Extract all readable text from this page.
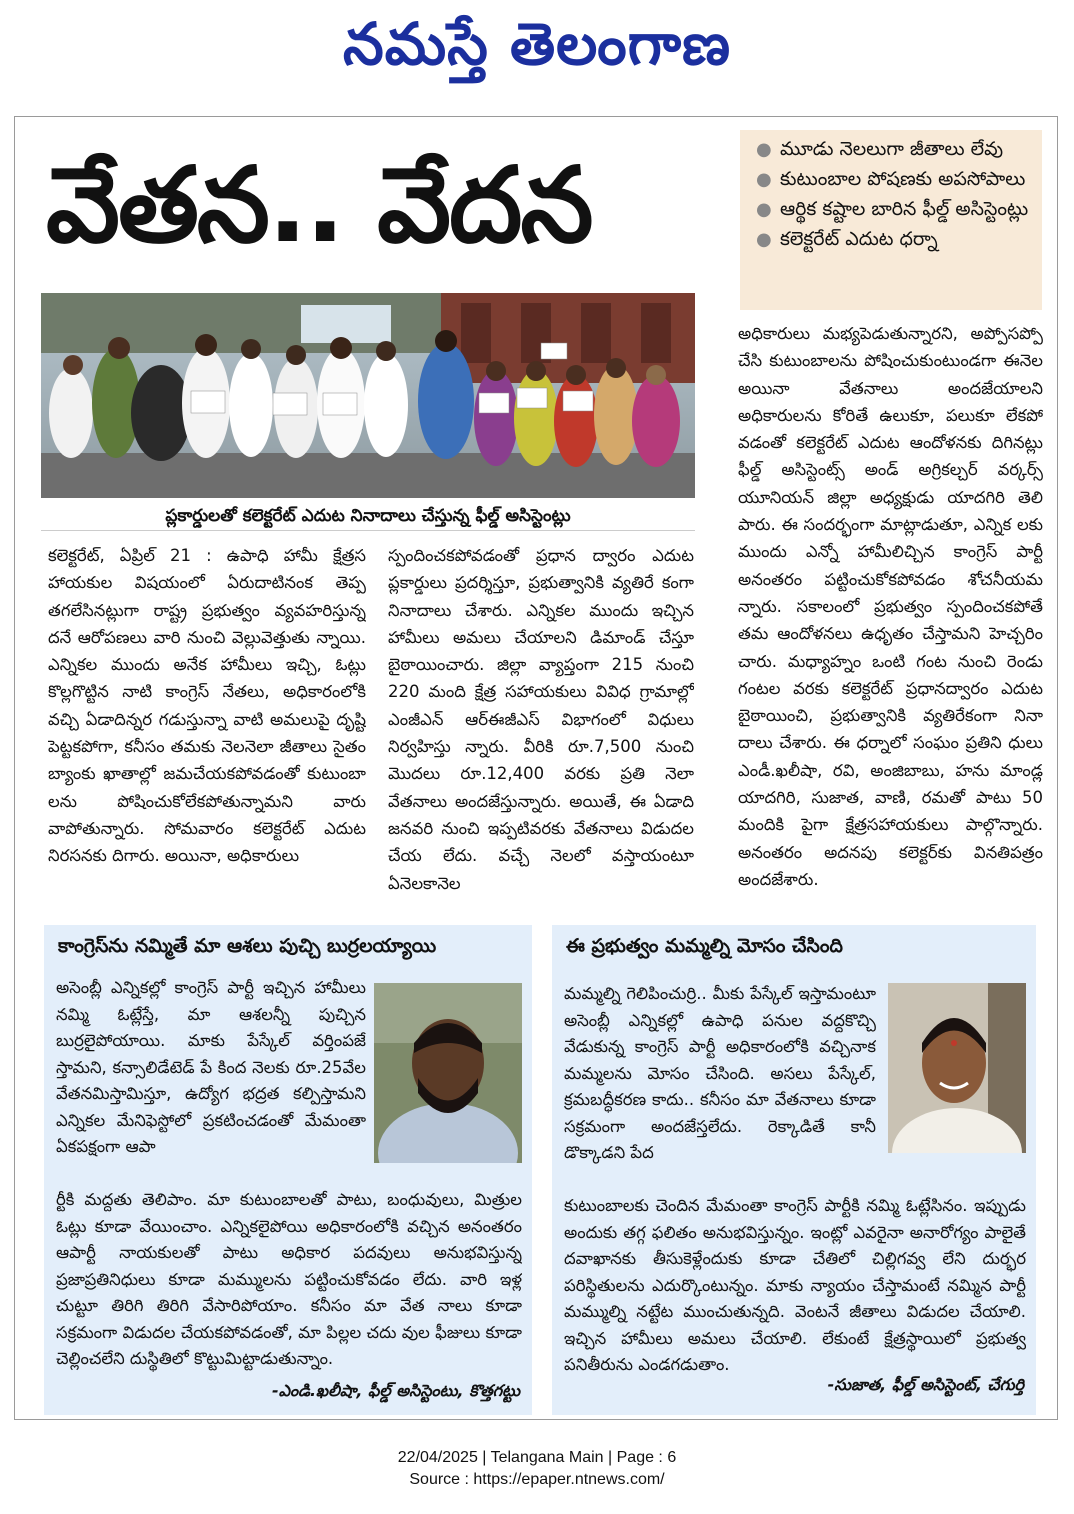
నమస్తే తెలంగాణ
వేతన.. వేదన	● మూడు నెలలుగా జీతాలు లేవు
● కుటుంబాల పోషణకు అపసోపాలు
● ఆర్థిక కష్టాల బారిన ఫీల్డ్ అసిస్టెంట్లు
● కలెక్టరేట్ ఎదుట ధర్నా
ప్లకార్డులతో కలెక్టరేట్ ఎదుట నినాదాలు చేస్తున్న ఫీల్డ్ అసిస్టెంట్లు
కలెక్టరేట్, ఏప్రిల్ 21 : ఉపాధి హామీ క్షేత్రస హాయకుల విషయంలో ఏరుదాటినంక తెప్ప తగలేసినట్లుగా రాష్ట్ర ప్రభుత్వం వ్యవహరిస్తున్న దనే ఆరోపణలు వారి నుంచి వెల్లువెత్తుతు న్నాయి. ఎన్నికల ముందు అనేక హామీలు ఇచ్చి, ఓట్లు కొల్లగొట్టిన నాటి కాంగ్రెస్ నేతలు, అధికారంలోకి వచ్చి ఏడాదిన్నర గడుస్తున్నా వాటి అమలుపై దృష్టి పెట్టకపోగా, కనీసం తమకు నెలనెలా జీతాలు సైతం బ్యాంకు ఖాతాల్లో జమచేయకపోవడంతో కుటుంబా లను పోషించుకోలేకపోతున్నామని వారు వాపోతున్నారు. సోమవారం కలెక్టరేట్ ఎదుట నిరసనకు దిగారు. అయినా, అధికారులు
స్పందించకపోవడంతో ప్రధాన ద్వారం ఎదుట ప్లకార్డులు ప్రదర్శిస్తూ, ప్రభుత్వానికి వ్యతిరే కంగా నినాదాలు చేశారు. ఎన్నికల ముందు ఇచ్చిన హామీలు అమలు చేయాలని డిమాండ్ చేస్తూ బైఠాయించారు. జిల్లా వ్యాప్తంగా 215 నుంచి 220 మంది క్షేత్ర సహాయకులు వివిధ గ్రామాల్లో ఎంజీఎన్ ఆర్ఈజీఎస్ విభాగంలో విధులు నిర్వహిస్తు న్నారు. వీరికి రూ.7,500 నుంచి మొదలు రూ.12,400 వరకు ప్రతి నెలా వేతనాలు అందజేస్తున్నారు. అయితే, ఈ ఏడాది జనవరి నుంచి ఇప్పటివరకు వేతనాలు విడుదల చేయ లేదు. వచ్చే నెలలో వస్తాయంటూ ఏనెలకానెల
అధికారులు మభ్యపెడుతున్నారని, అప్పోసప్పో చేసి కుటుంబాలను పోషించుకుంటుండగా ఈనెల అయినా వేతనాలు అందజేయాలని అధికారులను కోరితే ఉలుకూ, పలుకూ లేకపో వడంతో కలెక్టరేట్ ఎదుట ఆందోళనకు దిగినట్లు ఫీల్డ్ అసిస్టెంట్స్ అండ్ అగ్రికల్చర్ వర్కర్స్ యూనియన్ జిల్లా అధ్యక్షుడు యాదగిరి తెలి పారు. ఈ సందర్భంగా మాట్లాడుతూ, ఎన్నిక లకు ముందు ఎన్నో హామీలిచ్చిన కాంగ్రెస్ పార్టీ అనంతరం పట్టించుకోకపోవడం శోచనీయమ న్నారు. సకాలంలో ప్రభుత్వం స్పందించకపోతే తమ ఆందోళనలు ఉధృతం చేస్తామని హెచ్చరిం చారు. మధ్యాహ్నం ఒంటి గంట నుంచి రెండు గంటల వరకు కలెక్టరేట్ ప్రధానద్వారం ఎదుట బైఠాయించి, ప్రభుత్వానికి వ్యతిరేకంగా నినా దాలు చేశారు. ఈ ధర్నాలో సంఘం ప్రతిని ధులు ఎండీ.ఖలీషా, రవి, అంజిబాబు, హను మాండ్ల యాదగిరి, సుజాత, వాణి, రమతో పాటు 50 మందికి పైగా క్షేత్రసహాయకులు పాల్గొన్నారు. అనంతరం అదనపు కలెక్టర్‌కు వినతిపత్రం అందజేశారు.
కాంగ్రెస్‌ను నమ్మితే మా ఆశలు పుచ్చి బుర్రలయ్యాయి
అసెంబ్లీ ఎన్నికల్లో కాంగ్రెస్ పార్టీ ఇచ్చిన హామీలు నమ్మి ఓట్లేస్తే, మా ఆశలన్నీ పుచ్చిన బుర్రలైపోయాయి. మాకు పేస్కేల్ వర్తింపజే స్తామని, కన్సాలిడేటెడ్ పే కింద నెలకు రూ.25వేల వేతనమిస్తామిస్తూ, ఉద్యోగ భద్రత కల్పిస్తామని ఎన్నికల మేనిఫెస్టోలో ప్రకటించడంతో మేమంతా ఏకపక్షంగా ఆపా
ర్టీకి మద్దతు తెలిపాం. మా కుటుంబాలతో పాటు, బంధువులు, మిత్రుల ఓట్లు కూడా వేయించాం. ఎన్నికలైపోయి అధికారంలోకి వచ్చిన అనంతరం ఆపార్టీ నాయకులతో పాటు అధికార పదవులు అనుభవిస్తున్న ప్రజాప్రతినిధులు కూడా మమ్ములను పట్టించుకోవడం లేదు. వారి ఇళ్ల చుట్టూ తిరిగి తిరిగి వేసారిపోయాం. కనీసం మా వేత నాలు కూడా సక్రమంగా విడుదల చేయకపోవడంతో, మా పిల్లల చదు వుల ఫీజులు కూడా చెల్లించలేని దుస్థితిలో కొట్టుమిట్టాడుతున్నాం.
-ఎండి.ఖలీషా, ఫీల్డ్ అసిస్టెంటు, కొత్తగట్టు
ఈ ప్రభుత్వం మమ్మల్ని మోసం చేసింది
మమ్మల్ని గెలిపించుర్రి.. మీకు పేస్కేల్ ఇస్తామంటూ అసెంబ్లీ ఎన్నికల్లో ఉపాధి పనుల వద్దకొచ్చి వేడుకున్న కాంగ్రెస్ పార్టీ అధికారంలోకి వచ్చినాక మమ్మలను మోసం చేసింది. అసలు పేస్కేల్, క్రమబద్ధీకరణ కాదు.. కనీసం మా వేతనాలు కూడా సక్రమంగా అందజేస్తలేదు. రెక్కాడితే కానీ డొక్కాడని పేద
కుటుంబాలకు చెందిన మేమంతా కాంగ్రెస్ పార్టీకి నమ్మి ఓట్లేసినం. ఇప్పుడు అందుకు తగ్గ ఫలితం అనుభవిస్తున్నం. ఇంట్లో ఎవరైనా అనారోగ్యం పాలైతే దవాఖానకు తీసుకెళ్లేందుకు కూడా చేతిలో చిల్లిగవ్వ లేని దుర్భర పరిస్థితులను ఎదుర్కొంటున్నం. మాకు న్యాయం చేస్తామంటే నమ్మిన పార్టీ మమ్ముల్ని నట్టేట ముంచుతున్నది. వెంటనే జీతాలు విడుదల చేయాలి. ఇచ్చిన హామీలు అమలు చేయాలి. లేకుంటే క్షేత్రస్థాయిలో ప్రభుత్వ పనితీరును ఎండగడుతాం.
-సుజాత, ఫీల్డ్ అసిస్టెంట్, చేగుర్తి
22/04/2025 | Telangana Main | Page : 6
Source : https://epaper.ntnews.com/
